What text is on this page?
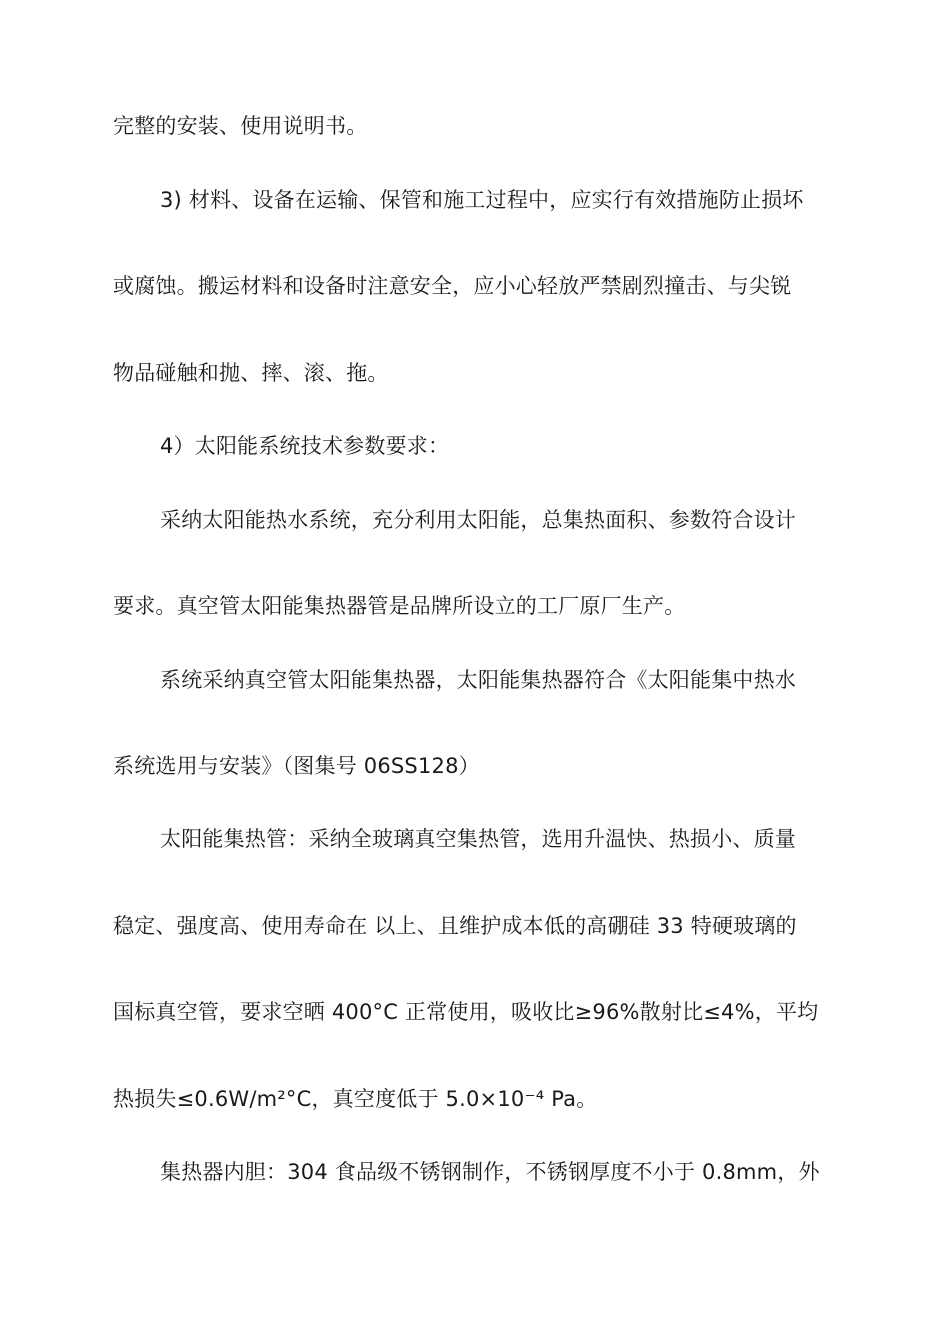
完整的安装、使用说明书。
3) 材料、设备在运输、保管和施工过程中，应实行有效措施防止损坏
或腐蚀。搬运材料和设备时注意安全，应小心轻放严禁剧烈撞击、与尖锐
物品碰触和抛、摔、滚、拖。
4）太阳能系统技术参数要求：
采纳太阳能热水系统，充分利用太阳能，总集热面积、参数符合设计
要求。真空管太阳能集热器管是品牌所设立的工厂原厂生产。
系统采纳真空管太阳能集热器，太阳能集热器符合《太阳能集中热水
系统选用与安装》（图集号 06SS128）
太阳能集热管：采纳全玻璃真空集热管，选用升温快、热损小、质量
稳定、强度高、使用寿命在 以上、且维护成本低的高硼硅 33 特硬玻璃的
国标真空管，要求空晒 400°C 正常使用，吸收比≥96%散射比≤4%，平均
热损失≤0.6W/m²°C，真空度低于 5.0×10⁻⁴ Pa。
集热器内胆：304 食品级不锈钢制作，不锈钢厚度不小于 0.8mm，外
